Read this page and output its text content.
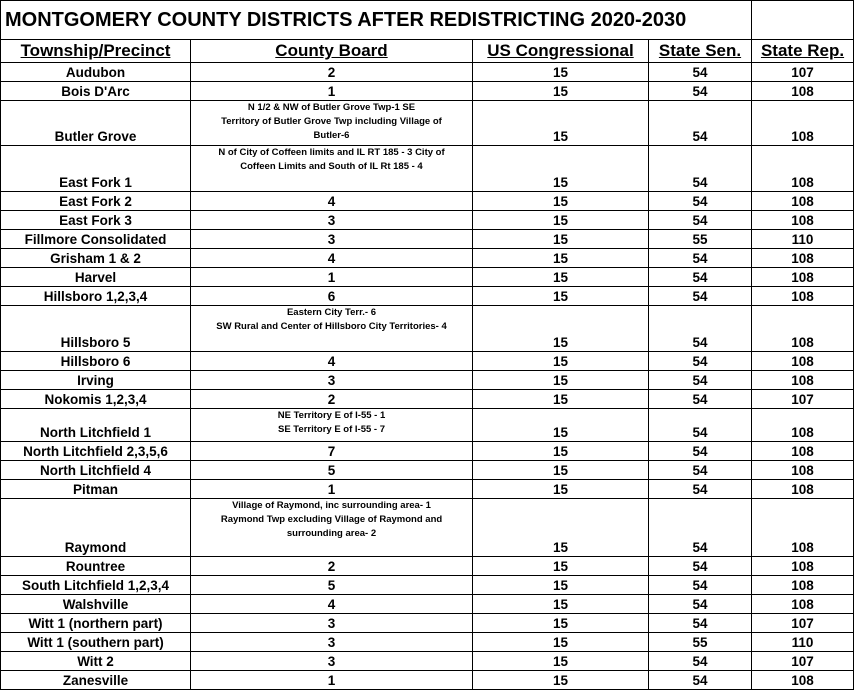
MONTGOMERY COUNTY DISTRICTS AFTER REDISTRICTING 2020-2030				
Township/Precinct	County Board	US Congressional	State Sen.	State Rep.
Audubon	2	15	54	107
Bois D'Arc	1	15	54	108
Butler Grove	N 1/2 & NW of Butler Grove Twp-1 SE
Territory of Butler Grove Twp including Village of
Butler-6	15	54	108
East Fork 1	N of City of Coffeen limits and IL RT 185 - 3 City of
Coffeen Limits and South of IL Rt 185 - 4	15	54	108
East Fork 2	4	15	54	108
East Fork 3	3	15	54	108
Fillmore Consolidated	3	15	55	110
Grisham 1 & 2	4	15	54	108
Harvel	1	15	54	108
Hillsboro 1,2,3,4	6	15	54	108
Hillsboro 5	Eastern City Terr.- 6
SW Rural and Center of Hillsboro City Territories- 4	15	54	108
Hillsboro 6	4	15	54	108
Irving	3	15	54	108
Nokomis 1,2,3,4	2	15	54	107
North Litchfield 1	NE Territory E of I-55 - 1
SE Territory E of I-55 - 7	15	54	108
North Litchfield 2,3,5,6	7	15	54	108
North Litchfield 4	5	15	54	108
Pitman	1	15	54	108
Raymond	Village of Raymond, inc surrounding area- 1
Raymond Twp excluding Village of Raymond and
surrounding area- 2	15	54	108
Rountree	2	15	54	108
South Litchfield 1,2,3,4	5	15	54	108
Walshville	4	15	54	108
Witt 1 (northern part)	3	15	54	107
Witt 1 (southern part)	3	15	55	110
Witt 2	3	15	54	107
Zanesville	1	15	54	108
